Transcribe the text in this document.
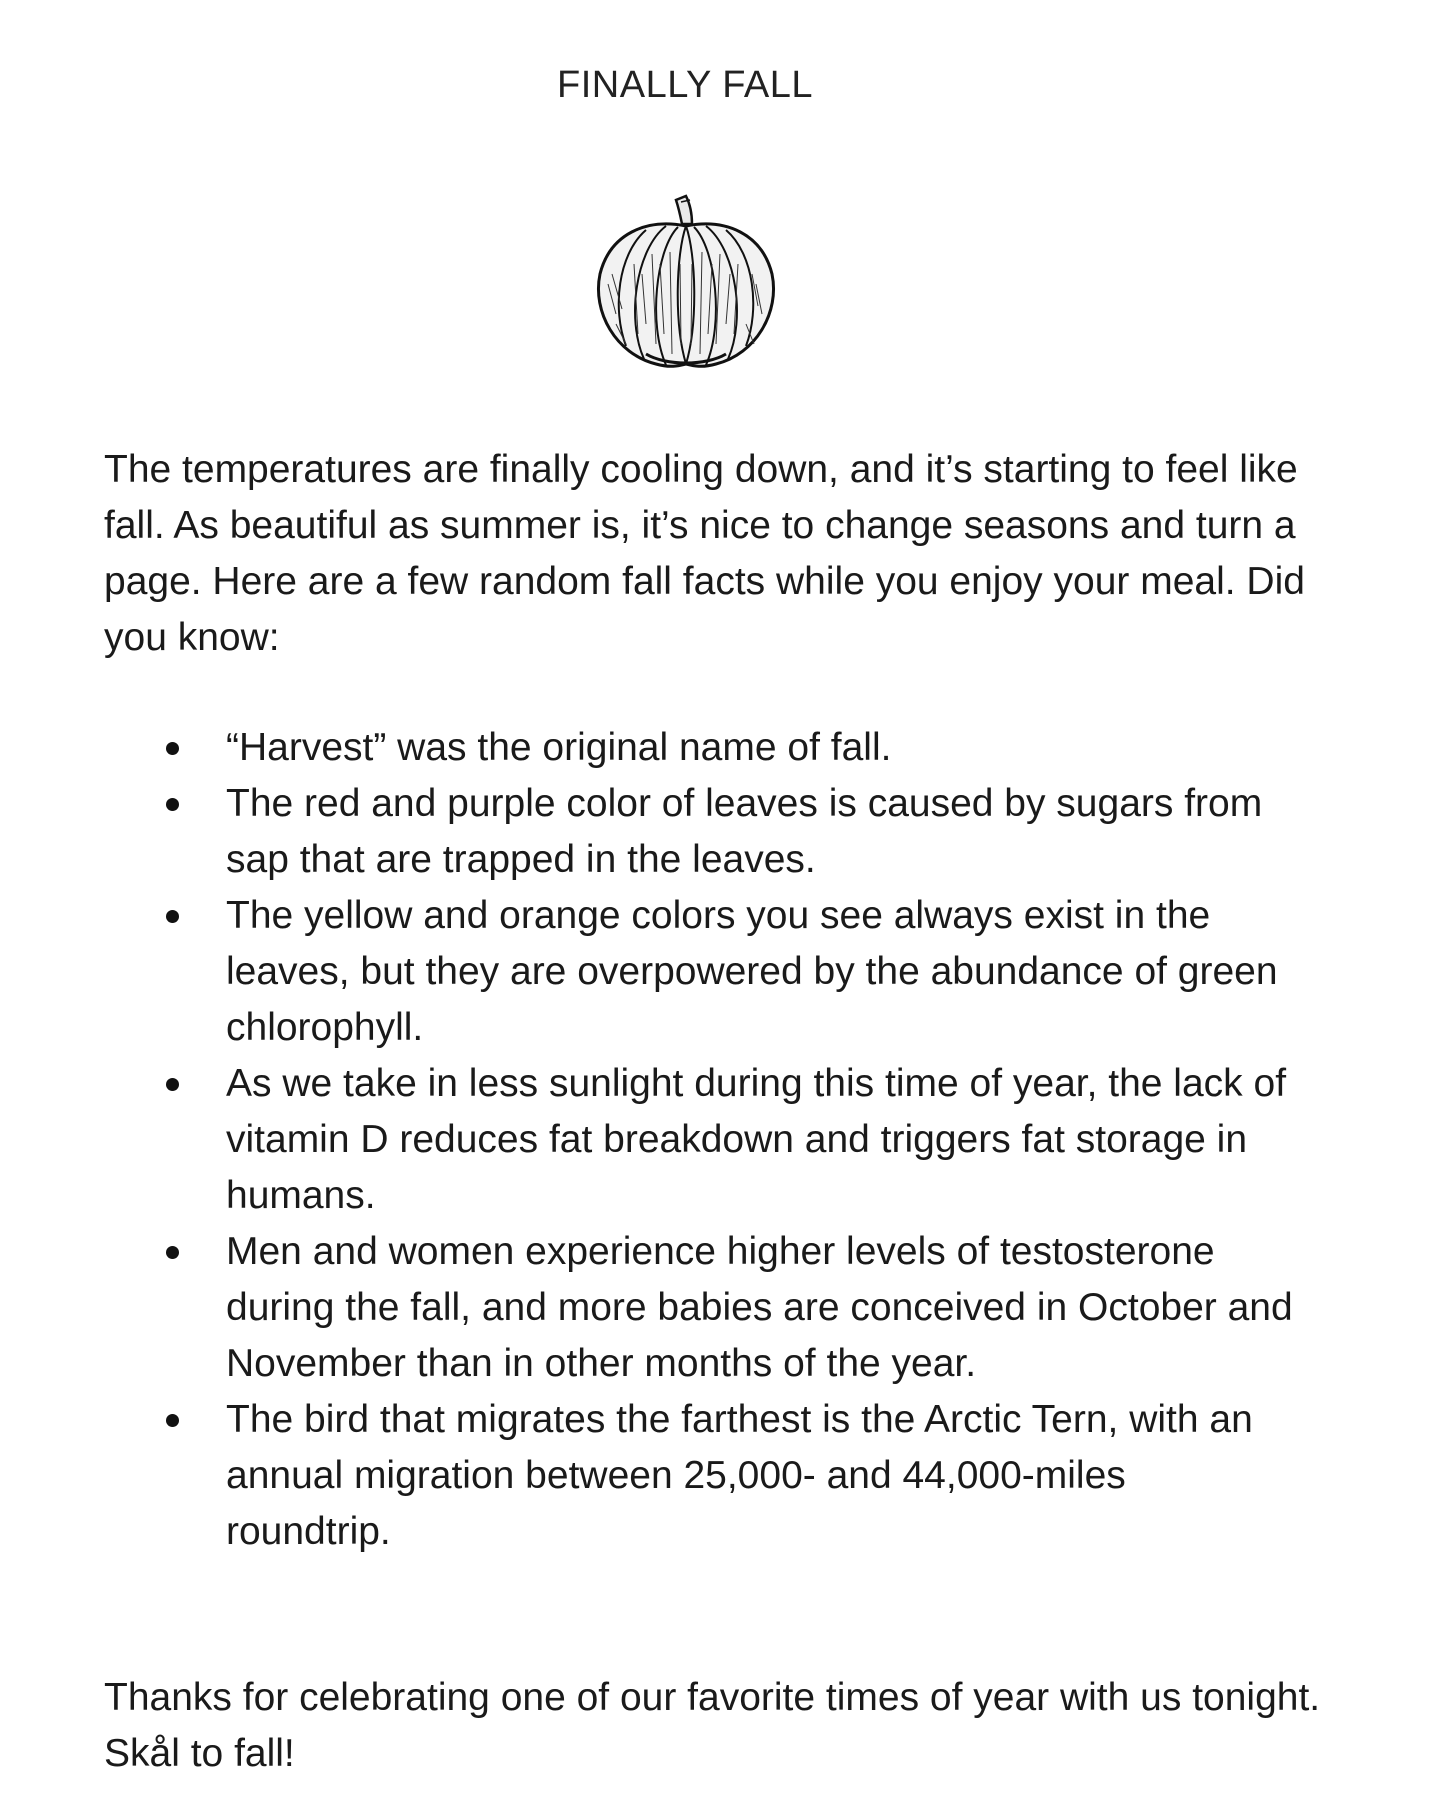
FINALLY FALL

The temperatures are finally cooling down, and it’s starting to feel like fall. As beautiful as summer is, it’s nice to change seasons and turn a page. Here are a few random fall facts while you enjoy your meal. Did you know:

“Harvest” was the original name of fall.
The red and purple color of leaves is caused by sugars from sap that are trapped in the leaves.
The yellow and orange colors you see always exist in the leaves, but they are overpowered by the abundance of green chlorophyll.
As we take in less sunlight during this time of year, the lack of vitamin D reduces fat breakdown and triggers fat storage in humans.
Men and women experience higher levels of testosterone during the fall, and more babies are conceived in October and November than in other months of the year.
The bird that migrates the farthest is the Arctic Tern, with an annual migration between 25,000- and 44,000-miles roundtrip.

Thanks for celebrating one of our favorite times of year with us tonight. Skål to fall!
